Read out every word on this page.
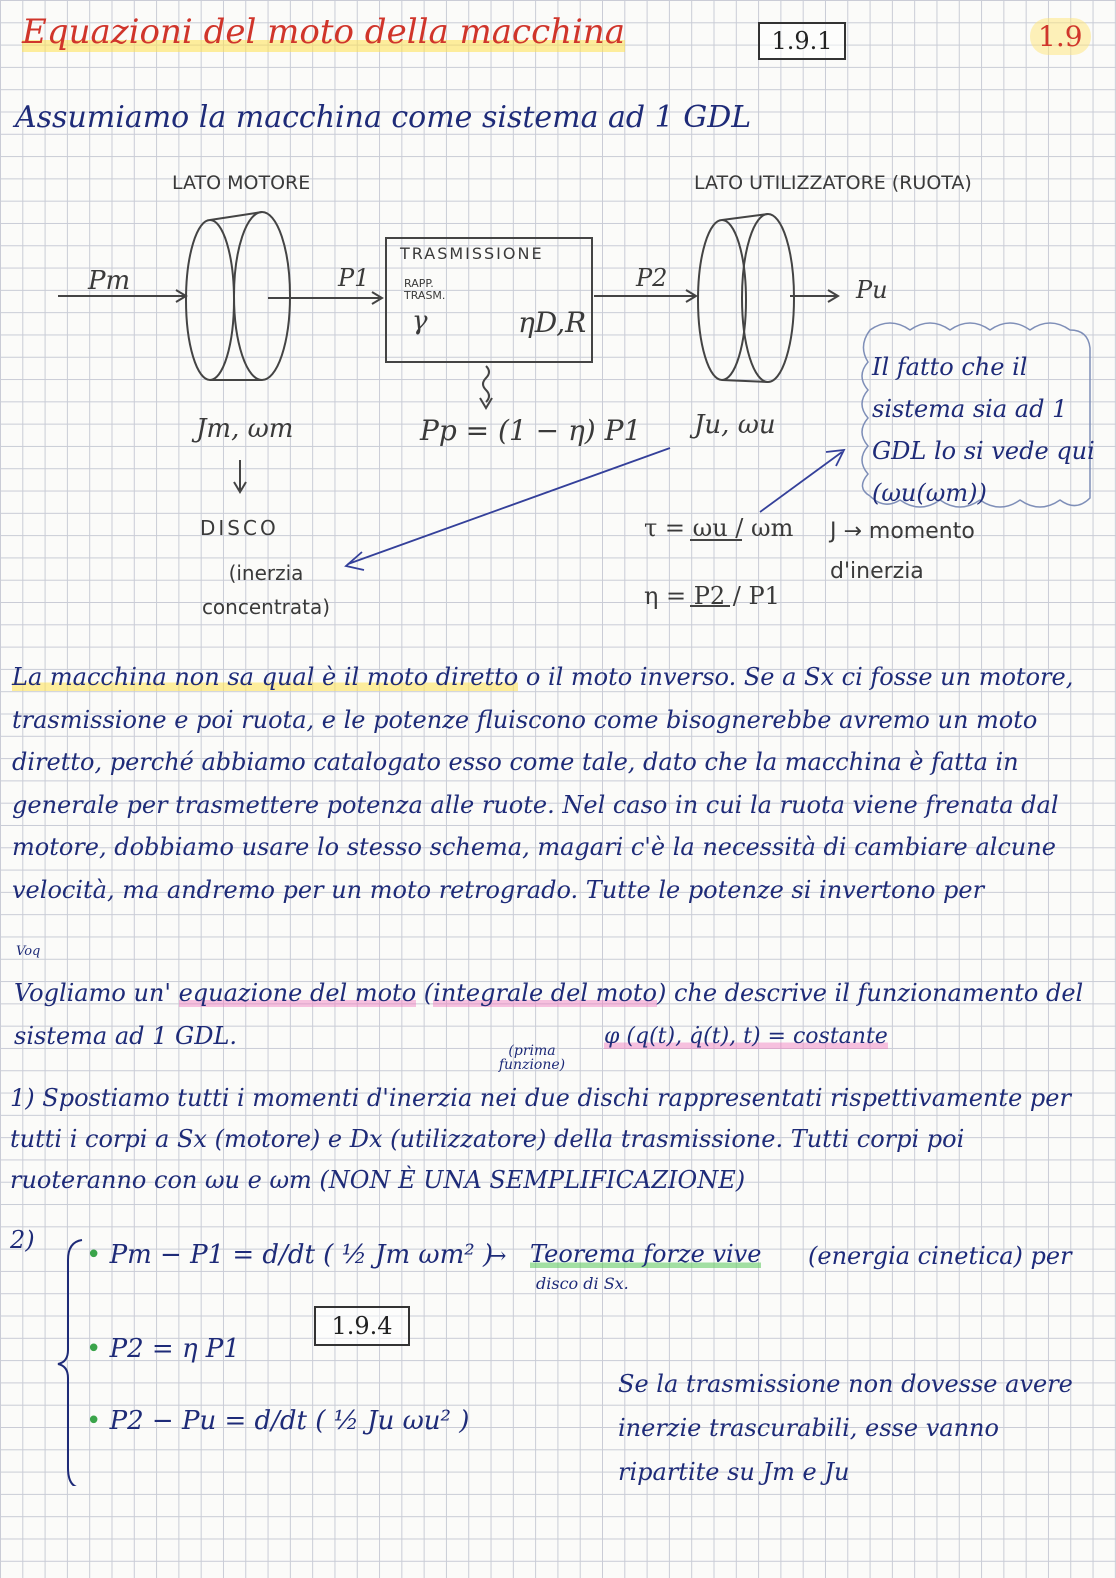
Equazioni del moto della macchina	1.9.1	1.9
Assumiamo la macchina come sistema ad 1 GDL
LATO MOTORE	LATO UTILIZZATORE (RUOTA)
TRASMISSIONE
RAPP. TRASM.
γ	ηD,R
Pm	P1	P2	Pu
Pp = (1 − η) P1
Jm, ωm	Ju, ωu
DISCO
(inerzia concentrata)
τ = ωu / ωm
η = P2 / P1
J → momento d'inerzia
Il fatto che il sistema sia ad 1 GDL lo si vede qui (ωu(ωm))
La macchina non sa qual è il moto diretto o il moto inverso. Se a Sx ci fosse un motore, trasmissione e poi ruota, e le potenze fluiscono come bisognerebbe avremo un moto diretto, perché abbiamo catalogato esso come tale, dato che la macchina è fatta in generale per trasmettere potenza alle ruote. Nel caso in cui la ruota viene frenata dal motore, dobbiamo usare lo stesso schema, magari c'è la necessità di cambiare alcune velocità, ma andremo per un moto retrogrado. Tutte le potenze si invertono per
Voq
Vogliamo un' equazione del moto (integrale del moto) che descrive il funzionamento del sistema ad 1 GDL.	φ (q(t), q̇(t), t) = costante
(prima funzione)
1) Spostiamo tutti i momenti d'inerzia nei due dischi rappresentati rispettivamente per tutti i corpi a Sx (motore) e Dx (utilizzatore) della trasmissione. Tutti corpi poi ruoteranno con ωu e ωm (NON È UNA SEMPLIFICAZIONE)
2) • Pm − P1 = d/dt ( ½ Jm ωm² )
• P2 = η P1
• P2 − Pu = d/dt ( ½ Ju ωu² )
→ Teorema forze vive (energia cinetica) per
disco di Sx.
1.9.4
Se la trasmissione non dovesse avere inerzie trascurabili, esse vanno ripartite su Jm e Ju
